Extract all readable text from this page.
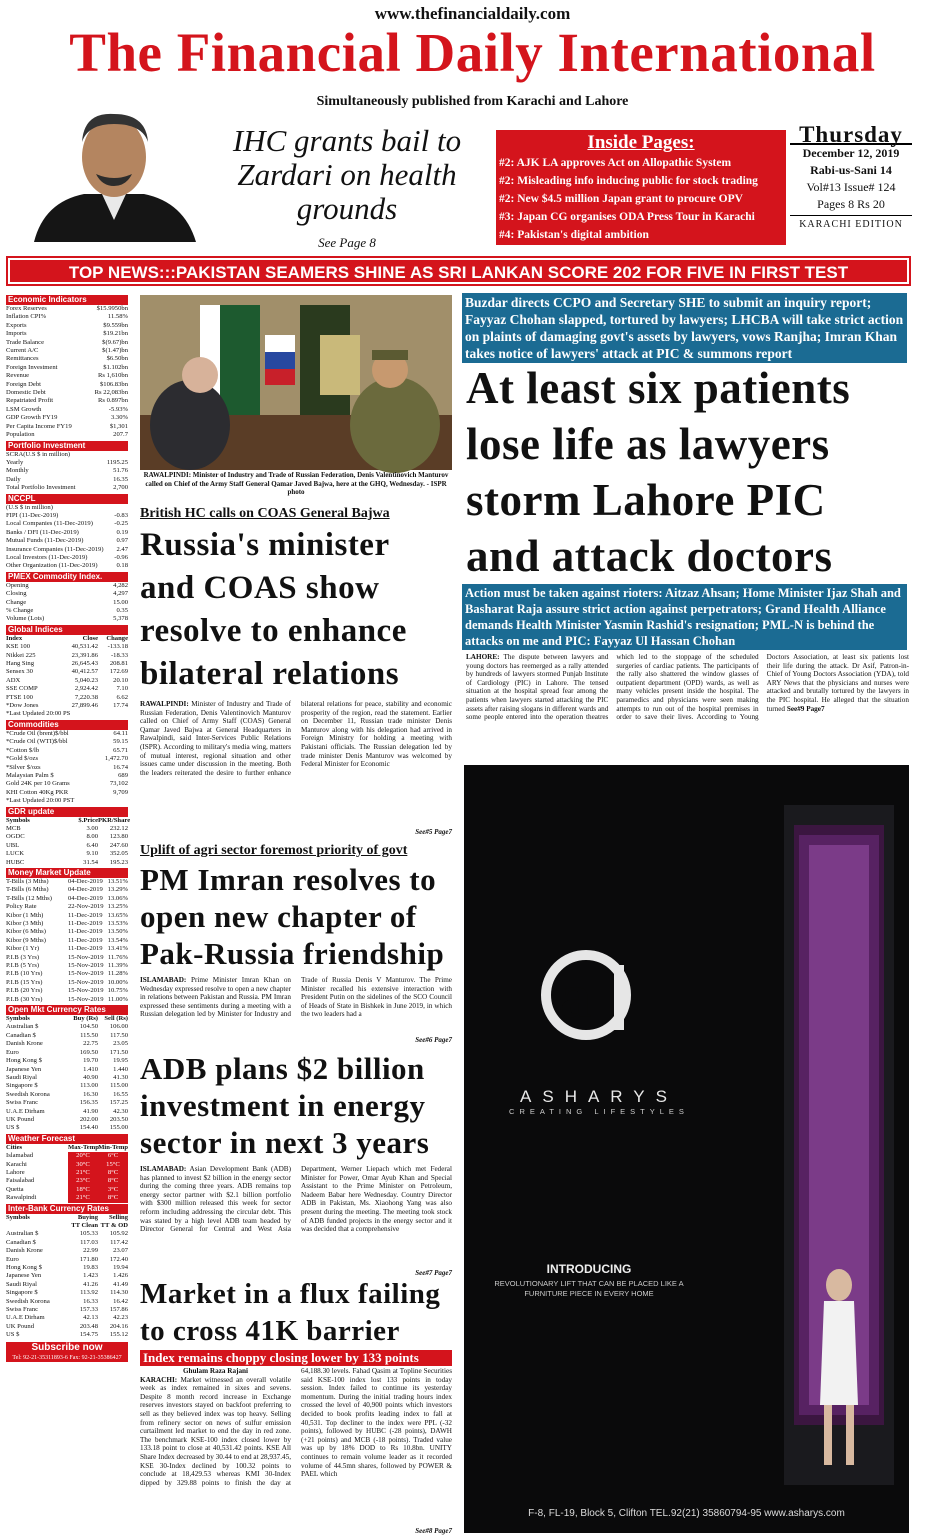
www.thefinancialdaily.com
The Financial Daily International
Simultaneously published from Karachi and Lahore
IHC grants bail to Zardari on health grounds
See Page 8
Inside Pages:
#2: AJK LA approves Act on Allopathic System
#2: Misleading info inducing public for stock trading
#2: New $4.5 million Japan grant to procure OPV
#3: Japan CG organises ODA Press Tour in Karachi
#4: Pakistan's digital ambition
Thursday
December 12, 2019
Rabi-us-Sani 14
Vol#13 Issue# 124
Pages 8 Rs 20
KARACHI EDITION
TOP NEWS:::PAKISTAN SEAMERS SHINE AS SRI LANKAN SCORE 202 FOR FIVE IN FIRST TEST
Economic Indicators
Forex Reserves	$15.9950bn
Inflation CPI%	11.58%
Exports	$9.559bn
Imports	$19.21bn
Trade Balance	$(9.67)bn
Current A/C	$(1.47)bn
Remittances	$6.50bn
Foreign Investment	$1.102bn
Revenue	Rs 1,610bn
Foreign Debt	$106.83bn
Domestic Debt	Rs 22,083bn
Repatriated Profit	Rs 0.897bn
LSM Growth	-5.93%
GDP Growth FY19	3.30%
Per Capita Income FY19	$1,301
Population	207.7
Portfolio Investment
SCRA(U.S $ in million)
Yearly	1195.25
Monthly	51.76
Daily	16.35
Total Portfolio Investment	2,700
NCCPL
(U.S $ in million)
FIPI (11-Dec-2019)	-0.83
Local Companies (11-Dec-2019)	-0.25
Banks / DFI (11-Dec-2019)	0.19
Mutual Funds (11-Dec-2019)	0.97
Insurance Companies (11-Dec-2019) 2.47
Local Investors (11-Dec-2019)	-0.96
Other Organization (11-Dec-2019)	0.18
PMEX Commodity Index.
Opening	4,282
Closing	4,297
Change	15.00
% Change	0.35
Volume (Lots)	5,378
Global Indices
Index	Close	Change
KSE 100	40,531.42	-133.18
Nikkei 225	23,391.86	-18.33
Hang Sing	26,645.43	208.81
Sensex 30	40,412.57	172.69
ADX	5,040.23	20.10
SSE COMP	2,924.42	7.10
FTSE 100	7,220.38	6.62
*Dow Jones	27,899.46	17.74
*Last Updated 20:00 PS
Commodities
*Crude Oil (brent)$/bbl	64.11
*Crude Oil (WTI)$/bbl	59.15
*Cotton $/lb	65.71
*Gold $/ozs	1,472.70
*Silver $/ozs	16.74
Malaysian Palm $	689
Gold 24K per 10 Grams	73,102
KHI Cotton 40Kg PKR	9,709
*Last Updated 20:00 PST
GDR update
Symbols	$.Price PKR/Share
MCB	3.00	232.12
OGDC	8.00	123.80
UBL	6.40	247.60
LUCK	9.10	352.05
HUBC	31.54	195.23
Money Market Update
T-Bills (3 Mths)	04-Dec-2019 13.51%
T-Bills (6 Mths)	04-Dec-2019 13.29%
T-Bills (12 Mths)	04-Dec-2019 13.06%
Policy Rate	22-Nov-2019 13.25%
Kibor (1 Mth)	11-Dec-2019 13.65%
Kibor (3 Mth)	11-Dec-2019 13.53%
Kibor (6 Mths)	11-Dec-2019 13.50%
Kibor (9 Mths)	11-Dec-2019 13.54%
Kibor (1 Yr)	11-Dec-2019 13.41%
P.I.B (3 Yrs)	15-Nov-2019 11.76%
P.I.B (5 Yrs)	15-Nov-2019 11.39%
P.I.B (10 Yrs)	15-Nov-2019 11.28%
P.I.B (15 Yrs)	15-Nov-2019 10.00%
P.I.B (20 Yrs)	15-Nov-2019 10.75%
P.I.B (30 Yrs)	15-Nov-2019 11.00%
Open Mkt Currency Rates
Symbols	Buy (Rs) Sell (Rs)
Australian $	104.50	106.00
Canadian $	115.50	117.50
Danish Krone	22.75	23.05
Euro	169.50	171.50
Hong Kong $	19.70	19.95
Japanese Yen	1.410	1.440
Saudi Riyal	40.90	41.30
Singapore $	113.00	115.00
Swedish Korona	16.30	16.55
Swiss Franc	156.35	157.25
U.A.E Dirham	41.90	42.30
UK Pound	202.00	203.50
US $	154.40	155.00
Weather Forecast
Cities	Max-Temp Min-Temp
Islamabad	20°C	6°C
Karachi	30°C	15°C
Lahore	21°C	8°C
Faisalabad	23°C	8°C
Quetta	18°C	3°C
Rawalpindi	21°C	8°C
Inter-Bank Currency Rates
Symbols	Buying	Selling
TT Clean TT & OD
Australian $	105.33	105.92
Canadian $	117.03	117.42
Danish Krone	22.99	23.07
Euro	171.80	172.40
Hong Kong $	19.83	19.94
Japanese Yen	1.423	1.426
Saudi Riyal	41.26	41.49
Singapore $	113.92	114.30
Swedish Korona	16.33	16.42
Swiss Franc	157.33	157.86
U.A.E Dirham	42.13	42.23
UK Pound	203.48	204.16
US $	154.75	155.12
Subscribe now
Tel: 92-21-35311893-6 Fax: 92-21-35386427
RAWALPINDI: Minister of Industry and Trade of Russian Federation, Denis Valentinovich Manturov called on Chief of the Army Staff General Qamar Javed Bajwa, here at the GHQ, Wednesday. - ISPR photo
British HC calls on COAS General Bajwa
Russia's minister and COAS show resolve to enhance bilateral relations
RAWALPINDI: Minister of Industry and Trade of Russian Federation, Denis Valentinovich Manturov called on Chief of Army Staff (COAS) General Qamar Javed Bajwa at General Headquarters in Rawalpindi, said Inter-Services Public Relations (ISPR). According to military's media wing, matters of mutual interest, regional situation and other issues came under discussion in the meeting. Both the leaders reiterated the desire to further enhance bilateral relations for peace, stability and economic prosperity of the region, read the statement. Earlier on December 11, Russian trade minister Denis Manturov along with his delegation had arrived in Foreign Ministry for holding a meeting with Pakistani officials. The Russian delegation led by trade minister Denis Manturov was welcomed by Federal Minister for Economic
See#5 Page7
Uplift of agri sector foremost priority of govt
PM Imran resolves to open new chapter of Pak-Russia friendship
ISLAMABAD: Prime Minister Imran Khan on Wednesday expressed resolve to open a new chapter in relations between Pakistan and Russia. PM Imran expressed these sentiments during a meeting with a Russian delegation led by Minister for Industry and Trade of Russia Denis V Manturov. The Prime Minister recalled his extensive interaction with President Putin on the sidelines of the SCO Council of Heads of State in Bishkek in June 2019, in which the two leaders had a
See#6 Page7
ADB plans $2 billion investment in energy sector in next 3 years
ISLAMABAD: Asian Development Bank (ADB) has planned to invest $2 billion in the energy sector during the coming three years. ADB remains top energy sector partner with $2.1 billion portfolio with $300 million released this week for sector reform including addressing the circular debt. This was stated by a high level ADB team headed by Director General for Central and West Asia Department, Werner Liepach which met Federal Minister for Power, Omar Ayub Khan and Special Assistant to the Prime Minister on Petroleum, Nadeem Babar here Wednesday. Country Director ADB in Pakistan, Ms. Xiaohong Yang was also present during the meeting. The meeting took stock of ADB funded projects in the energy sector and it was decided that a comprehensive
See#7 Page7
Market in a flux failing to cross 41K barrier
Index remains choppy closing lower by 133 points
Ghulam Raza Rajani
KARACHI: Market witnessed an overall volatile week as index remained in sixes and sevens. Despite 8 month record increase in Exchange reserves investors stayed on backfoot preferring to sell as they believed index was top heavy. Selling from refinery sector on news of sulfur emission curtailment led market to end the day in red zone. The benchmark KSE-100 index closed lower by 133.18 point to close at 40,531.42 points. KSE All Share Index decreased by 30.44 to end at 28,937.45, KSE 30-Index declined by 100.32 points to conclude at 18,429.53 whereas KMI 30-Index dipped by 329.88 points to finish the day at 64,188.30 levels. Fahad Qasim at Topline Securities said KSE-100 index lost 133 points in today session. Index failed to continue its yesterday momentum. During the initial trading hours index crossed the level of 40,900 points which investors decided to book profits leading index to fall at 40,531. Top decliner to the index were PPL (-32 points), followed by HUBC (-28 points), DAWH (+21 points) and MCB (-18 points). Traded value was up by 18% DOD to Rs 10.8bn. UNITY continues to remain volume leader as it recorded volume of 44.5mn shares, followed by POWER & PAEL which
See#8 Page7
Buzdar directs CCPO and Secretary SHE to submit an inquiry report; Fayyaz Chohan slapped, tortured by lawyers; LHCBA will take strict action on plaints of damaging govt's assets by lawyers, vows Ranjha; Imran Khan takes notice of lawyers' attack at PIC & summons report
At least six patients lose life as lawyers storm Lahore PIC and attack doctors
Action must be taken against rioters: Aitzaz Ahsan; Home Minister Ijaz Shah and Basharat Raja assure strict action against perpetrators; Grand Health Alliance demands Health Minister Yasmin Rashid's resignation; PML-N is behind the attacks on me and PIC: Fayyaz Ul Hassan Chohan
LAHORE: The dispute between lawyers and young doctors has reemerged as a rally attended by hundreds of lawyers stormed Punjab Institute of Cardiology (PIC) in Lahore. The tensed situation at the hospital spread fear among the patients when lawyers started attacking the PIC assets after raising slogans in different wards and some people entered into the operation theatres which led to the stoppage of the scheduled surgeries of cardiac patients. The participants of the rally also shattered the window glasses of outpatient department (OPD) wards, as well as many vehicles present inside the hospital. The paramedics and physicians were seen making attempts to run out of the hospital premises in order to save their lives. According to Young Doctors Association, at least six patients lost their life during the attack. Dr Asif, Patron-in-Chief of Young Doctors Association (YDA), told ARY News that the physicians and nurses were attacked and brutally tortured by the lawyers in the PIC hospital. He alleged that the situation turned See#9 Page7
a
ASHARYS
CREATING LIFESTYLES
INTRODUCING
REVOLUTIONARY LIFT THAT CAN BE PLACED LIKE A
FURNITURE PIECE IN EVERY HOME
F-8, FL-19, Block 5, Clifton TEL.92(21) 35860794-95 www.asharys.com
